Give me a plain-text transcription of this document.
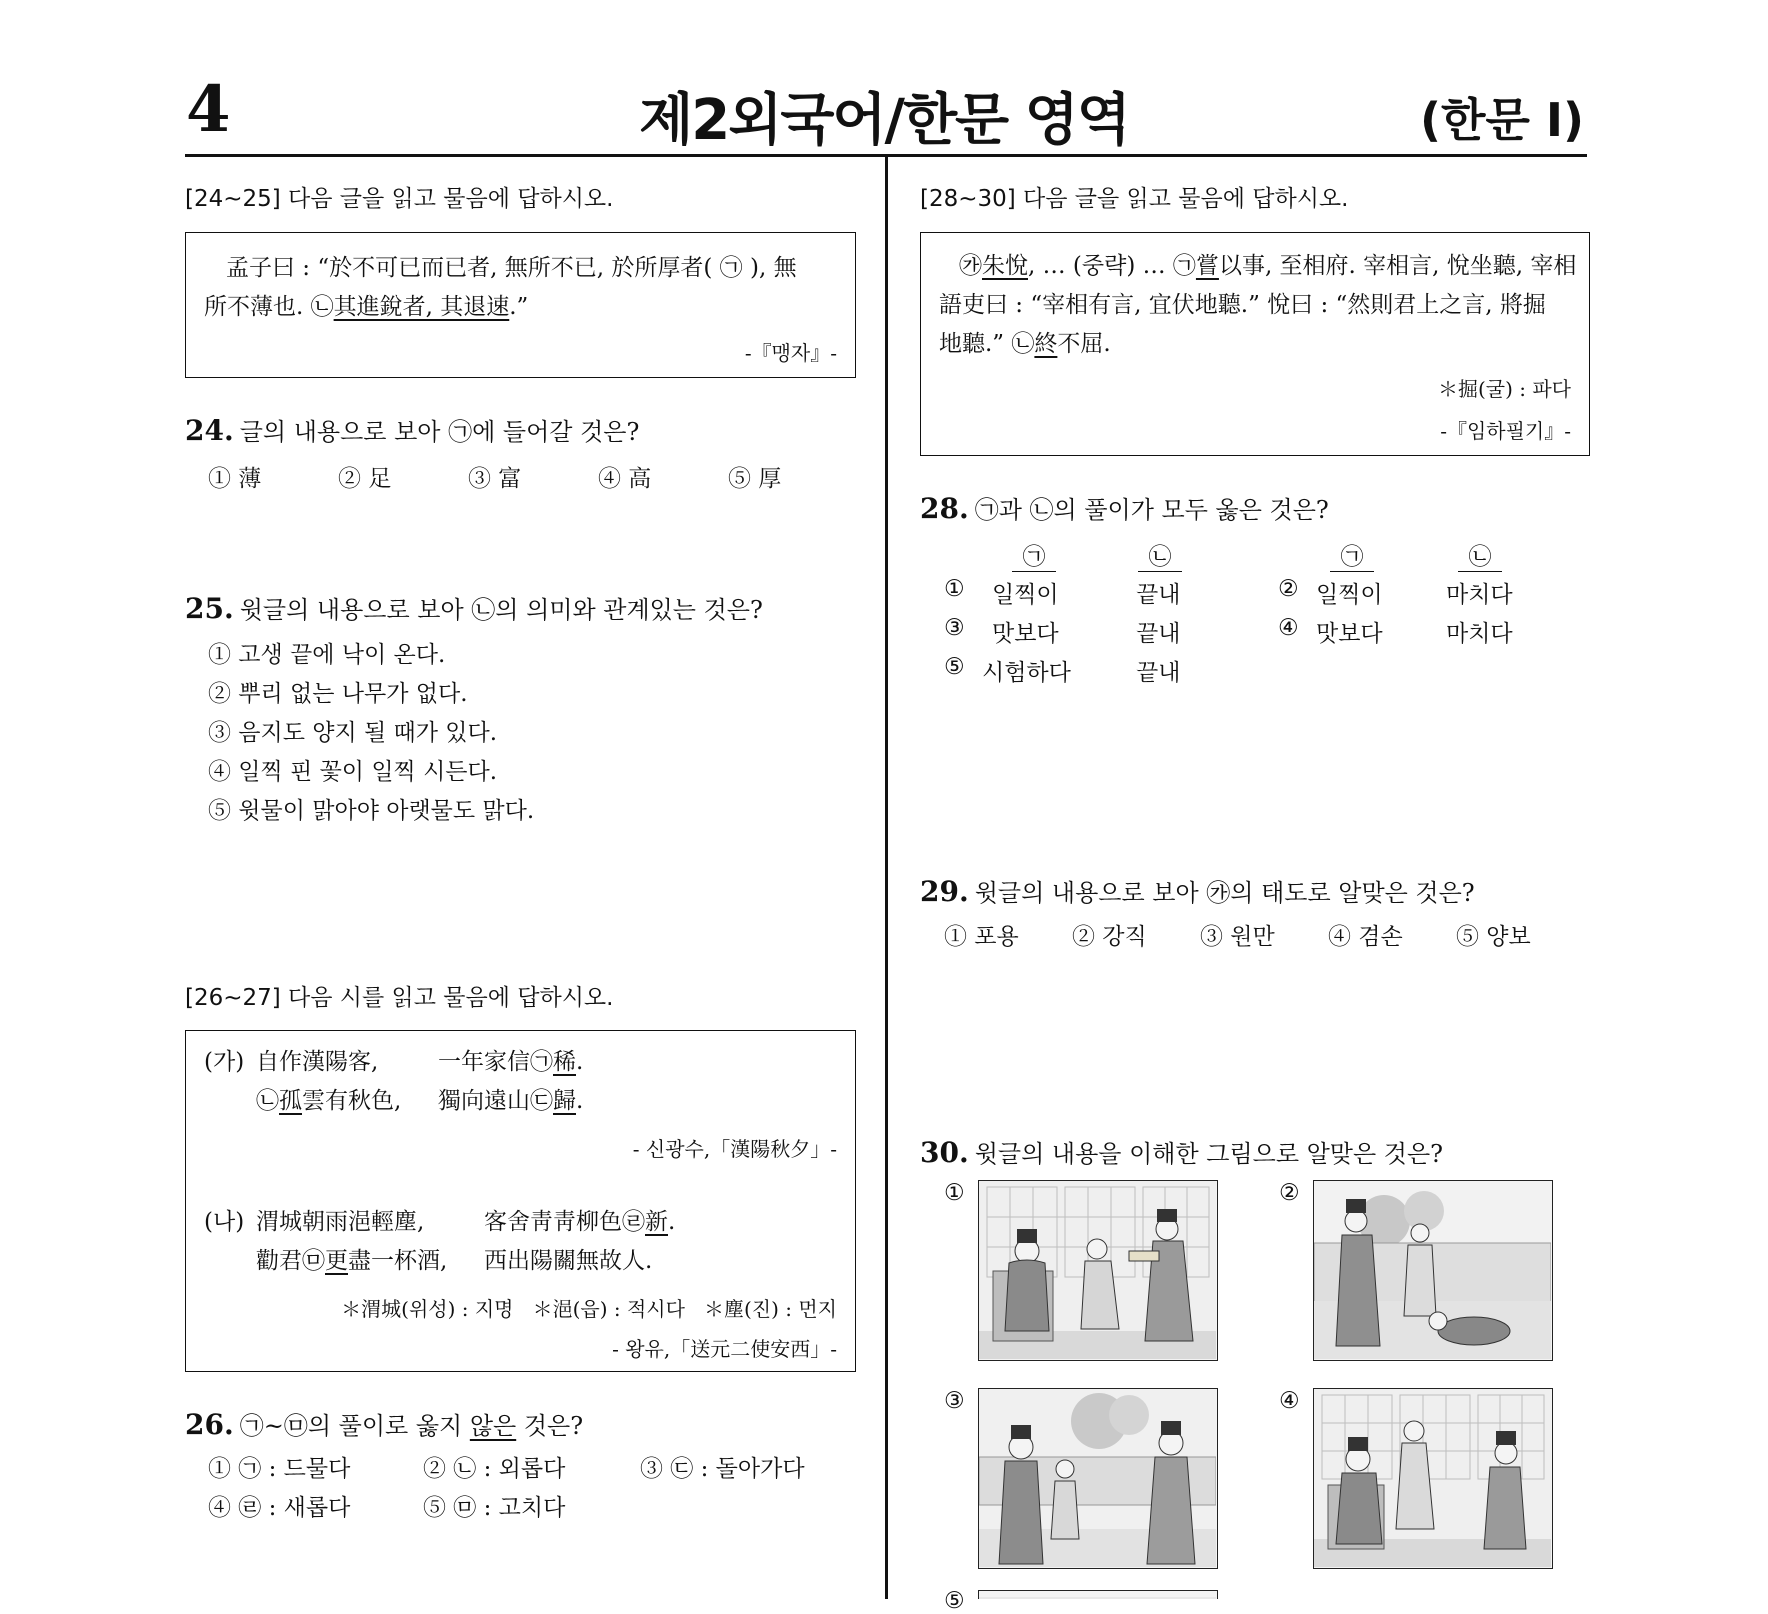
4	제2외국어/한문 영역	(한문 I)
[24~25] 다음 글을 읽고 물음에 답하시오.
孟子曰 : “於不可已而已者, 無所不已, 於所厚者( ㉠ ), 無
所不薄也. ㉡其進銳者, 其退速.”
-『맹자』-
24. 글의 내용으로 보아 ㉠에 들어갈 것은?
① 薄	② 足	③ 富	④ 高	⑤ 厚
25. 윗글의 내용으로 보아 ㉡의 의미와 관계있는 것은?
① 고생 끝에 낙이 온다.
② 뿌리 없는 나무가 없다.
③ 음지도 양지 될 때가 있다.
④ 일찍 핀 꽃이 일찍 시든다.
⑤ 윗물이 맑아야 아랫물도 맑다.
[26~27] 다음 시를 읽고 물음에 답하시오.
(가) 自作漢陽客,	一年家信㉠稀.
㉡孤雲有秋色, 獨向遠山㉢歸.
- 신광수,「漢陽秋夕」-
(나) 渭城朝雨浥輕塵,	客舍靑靑柳色㉣新.
勸君㉤更盡一杯酒, 西出陽關無故人.
＊渭城(위성) : 지명   ＊浥(읍) : 적시다   ＊塵(진) : 먼지
- 왕유,「送元二使安西」-
26. ㉠~㉤의 풀이로 옳지 않은 것은?
① ㉠ : 드물다	② ㉡ : 외롭다	③ ㉢ : 돌아가다
④ ㉣ : 새롭다	⑤ ㉤ : 고치다
[28~30] 다음 글을 읽고 물음에 답하시오.
㉮朱悅, … (중략) … ㉠嘗以事, 至相府. 宰相言, 悅坐聽, 宰相
語吏曰 : “宰相有言, 宜伏地聽.” 悅曰 : “然則君上之言, 將掘
地聽.” ㉡終不屈.
＊掘(굴) : 파다
-『임하필기』-
28. ㉠과 ㉡의 풀이가 모두 옳은 것은?
㉠	㉡	㉠	㉡
① 일찍이	끝내	② 일찍이	마치다
③ 맛보다	끝내	④ 맛보다	마치다
⑤ 시험하다	끝내
29. 윗글의 내용으로 보아 ㉮의 태도로 알맞은 것은?
① 포용	② 강직	③ 원만	④ 겸손	⑤ 양보
30. 윗글의 내용을 이해한 그림으로 알맞은 것은?
①	②
③	④
⑤
